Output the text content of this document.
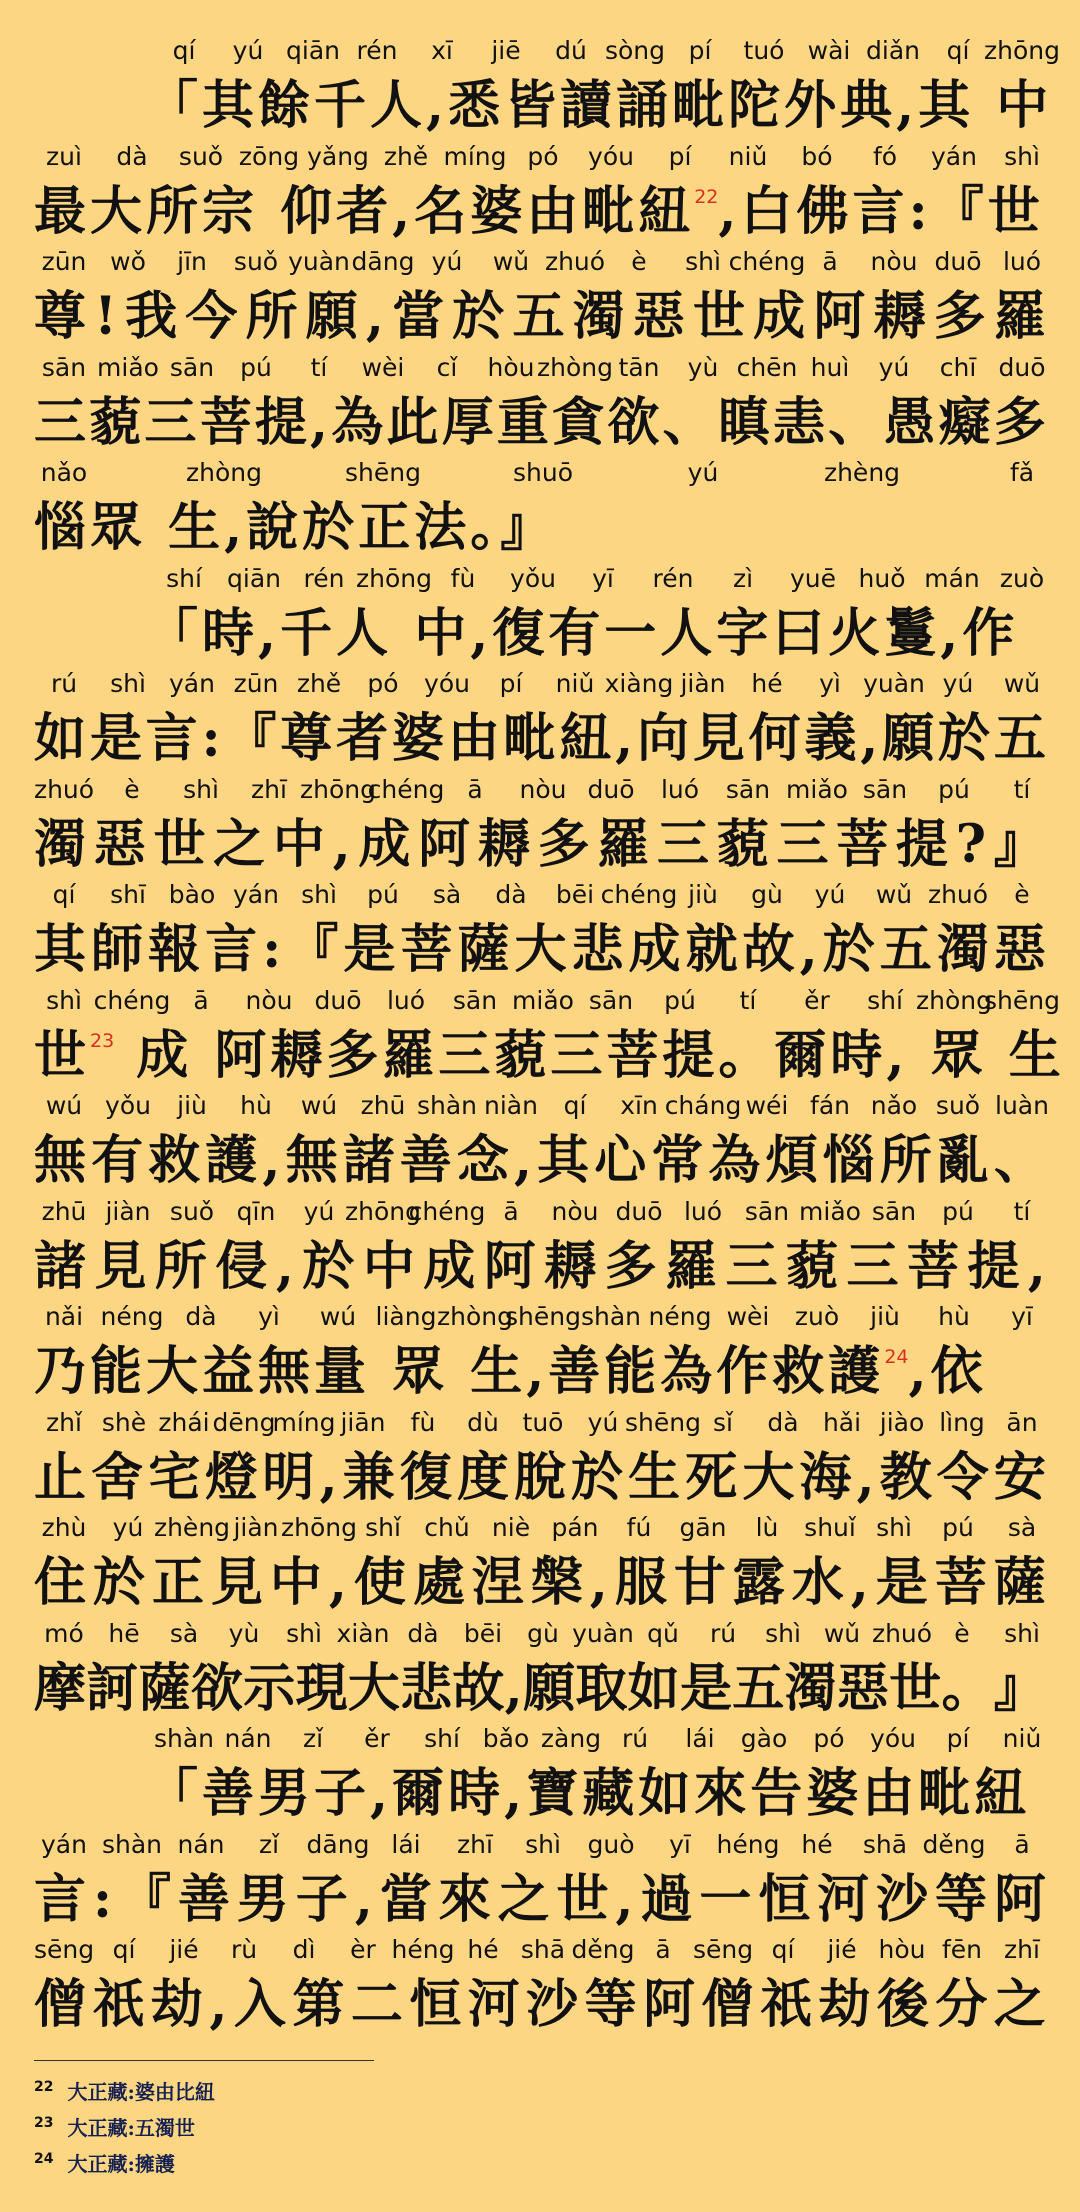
「其餘千人,悉皆讀誦毗陀外典,其 中
qí yú qiān rén xī jiē dú sòng pí tuó wài diǎn qí zhōng
最大所宗 仰者,名婆由毗紐$^{22}$,白佛言:『世
zuì dà suǒ zōng yǎng zhě míng pó yóu pí niǔ bó fó yán shì
尊 ! 我 今 所 願 , 當 於 五 濁 惡 世 成 阿 耨 多 羅
zūn wǒ jīn suǒ yuàn dāng yú wǔ zhuó è shì chéng ā nòu duō luó
三 藐 三 菩 提 , 為 此 厚 重 貪 欲 、 瞋 恚 、 愚 癡 多
sān miǎo sān pú tí wèi cǐ hòu zhòng tān yù chēn huì yú chī duō
惱眾 生,說於正法。』
nǎo	zhòng	shēng	shuō	yú	zhèng	fǎ
「時,千人 中,復有一人字曰火鬘,作
shí qiān rén zhōng fù yǒu yī rén zì yuē huǒ mán zuò
如 是 言 : 『 尊 者 婆 由 毗 紐 , 向 見 何 義 , 願 於 五
rú shì yán zūn zhě pó yóu pí niǔ xiàng jiàn hé yì yuàn yú wǔ
濁 惡 世 之 中 , 成 阿 耨 多 羅 三 藐 三 菩 提 ? 』
zhuó è shì zhī zhōng
chéng ā nòu duō luó sān miǎo sān pú tí
其 師 報 言 : 『 是 菩 薩 大 悲 成 就 故 , 於 五 濁 惡
qí shī bào yán shì pú sà dà bēi chéng jiù gù yú wǔ zhuó è
世$^{23}$ 成 阿耨多羅三藐三菩提。爾時, 眾 生
shì chéng ā nòu duō luó sān miǎo sān pú tí ěr shí zhòng
shēng
無 有 救 護 , 無 諸 善 念 , 其 心 常 為 煩 惱 所 亂 、
wú yǒu jiù hù wú zhū shàn niàn qí xīn cháng wéi fán nǎo suǒ luàn
諸 見 所 侵 , 於 中 成 阿 耨 多 羅 三 藐 三 菩 提 ,
zhū jiàn suǒ qīn yú zhōng
chéng ā nòu duō luó sān miǎo sān pú tí
乃能大益無量 眾 生,善能為作救護$^{24}$,依
nǎi néng dà yì wú liàng zhòng
shēng shàn néng wèi zuò jiù hù yī
止 舍 宅 燈 明 , 兼 復 度 脫 於 生 死 大 海 , 教 令 安
zhǐ shè zhái dēng
míng jiān fù dù tuō yú shēng sǐ dà hǎi jiào lìng ān
住 於 正 見 中 , 使 處 涅 槃 , 服 甘 露 水 , 是 菩 薩
zhù yú zhèng jiàn zhōng shǐ chǔ niè pán fú gān lù shuǐ shì pú sà
摩 訶 薩 欲 示 現 大 悲 故 , 願 取 如 是 五 濁 惡 世 。 』
mó hē sà yù shì xiàn dà bēi gù yuàn qǔ rú shì wǔ zhuó è shì
「善男子,爾時,寶藏如來告婆由毗紐
shàn nán zǐ ěr shí bǎo zàng rú lái gào pó yóu pí niǔ
言 : 『 善 男 子 , 當 來 之 世 , 過 一 恒 河 沙 等 阿
yán shàn nán zǐ dāng lái zhī shì guò yī héng hé shā děng ā
僧 祇 劫 , 入 第 二 恒 河 沙 等 阿 僧 祇 劫 後 分 之
sēng qí jié rù dì èr héng hé shā děng ā sēng qí jié hòu fēn zhī
$^{22}$ 大正藏:婆由比紐
$^{23}$ 大正藏:五濁世
$^{24}$ 大正藏:擁護
